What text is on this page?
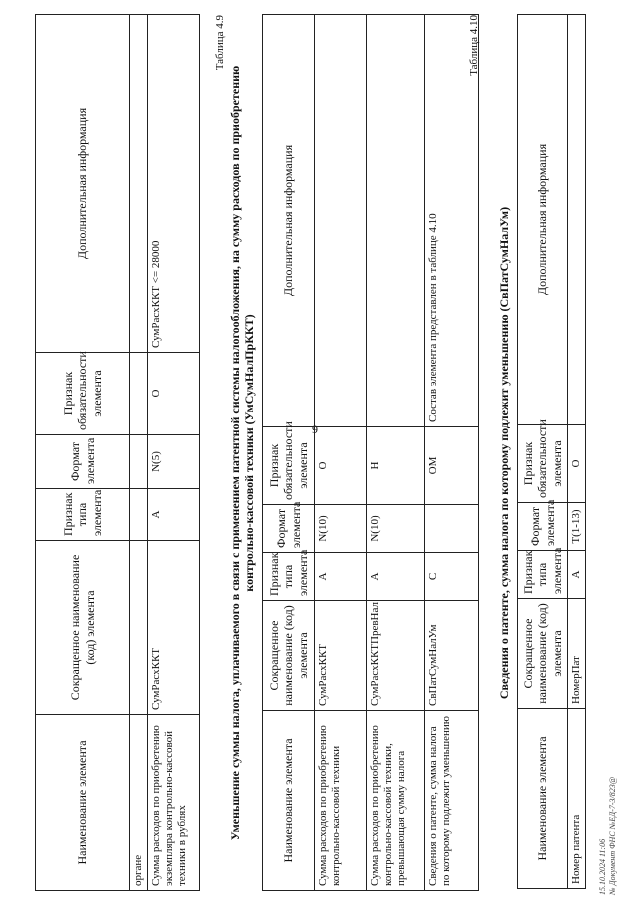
9
Наименование элемента	Сокращенное наименование (код) элемента	Признак типа элемента	Формат элемента	Признак обязательности элемента	Дополнительная информация
органе					
Сумма расходов по приобретению экземпляра контрольно-кассовой техники в рублях	СумРасхККТ	А	N(5)	О	СумРасхККТ <= 28000
Таблица 4.9
Уменьшение суммы налога, уплачиваемого в связи с применением патентной системы налогообложения, на сумму расходов по приобретению контрольно-кассовой техники (УмСумНалПрККТ)
Наименование элемента	Сокращенное наименование (код) элемента	Признак типа элемента	Формат элемента	Признак обязательности элемента	Дополнительная информация
Сумма расходов по приобретению контрольно-кассовой техники	СумРасхККТ	А	N(10)	О	
Сумма расходов по приобретению контрольно-кассовой техники, превышающая сумму налога	СумРасхККТПревНал	А	N(10)	Н	
Сведения о патенте, сумма налога по которому подлежит уменьшению	СвПатСумНалУм	С		ОМ	Состав элемента представлен в таблице 4.10
Таблица 4.10
Сведения о патенте, сумма налога по которому подлежит уменьшению (СвПатСумНалУм)
Наименование элемента	Сокращенное наименование (код) элемента	Признак типа элемента	Формат элемента	Признак обязательности элемента	Дополнительная информация
Номер патента	НомерПат	А	T(1-13)	О	
15.10.2024 11:06 № Документ ФНС №ЕД-7-3/823@
